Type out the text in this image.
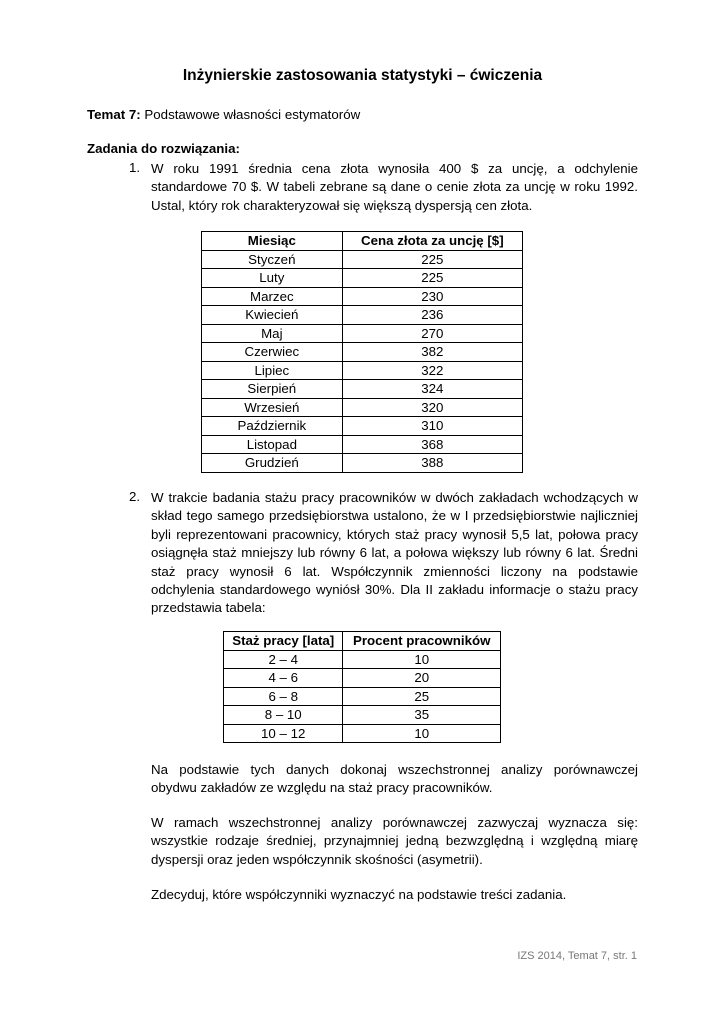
Inżynierskie zastosowania statystyki – ćwiczenia
Temat 7: Podstawowe własności estymatorów
Zadania do rozwiązania:
1. W roku 1991 średnia cena złota wynosiła 400 $ za uncję, a odchylenie
standardowe 70 $. W tabeli zebrane są dane o cenie złota za uncję w roku 1992.
Ustal, który rok charakteryzował się większą dyspersją cen złota.
Miesiąc	Cena złota za uncję [$]
Styczeń	225
Luty	225
Marzec	230
Kwiecień	236
Maj	270
Czerwiec	382
Lipiec	322
Sierpień	324
Wrzesień	320
Październik	310
Listopad	368
Grudzień	388
2. W trakcie badania stażu pracy pracowników w dwóch zakładach wchodzących w
skład tego samego przedsiębiorstwa ustalono, że w I przedsiębiorstwie najliczniej
byli reprezentowani pracownicy, których staż pracy wynosił 5,5 lat, połowa pracy
osiągnęła staż mniejszy lub równy 6 lat, a połowa większy lub równy 6 lat. Średni
staż pracy wynosił 6 lat. Współczynnik zmienności liczony na podstawie
odchylenia standardowego wyniósł 30%. Dla II zakładu informacje o stażu pracy
przedstawia tabela:
Staż pracy [lata]	Procent pracowników
2 – 4	10
4 – 6	20
6 – 8	25
8 – 10	35
10 – 12	10
Na podstawie tych danych dokonaj wszechstronnej analizy porównawczej
obydwu zakładów ze względu na staż pracy pracowników.
W ramach wszechstronnej analizy porównawczej zazwyczaj wyznacza się:
wszystkie rodzaje średniej, przynajmniej jedną bezwzględną i względną miarę
dyspersji oraz jeden współczynnik skośności (asymetrii).
Zdecyduj, które współczynniki wyznaczyć na podstawie treści zadania.
IZS 2014, Temat 7, str. 1
